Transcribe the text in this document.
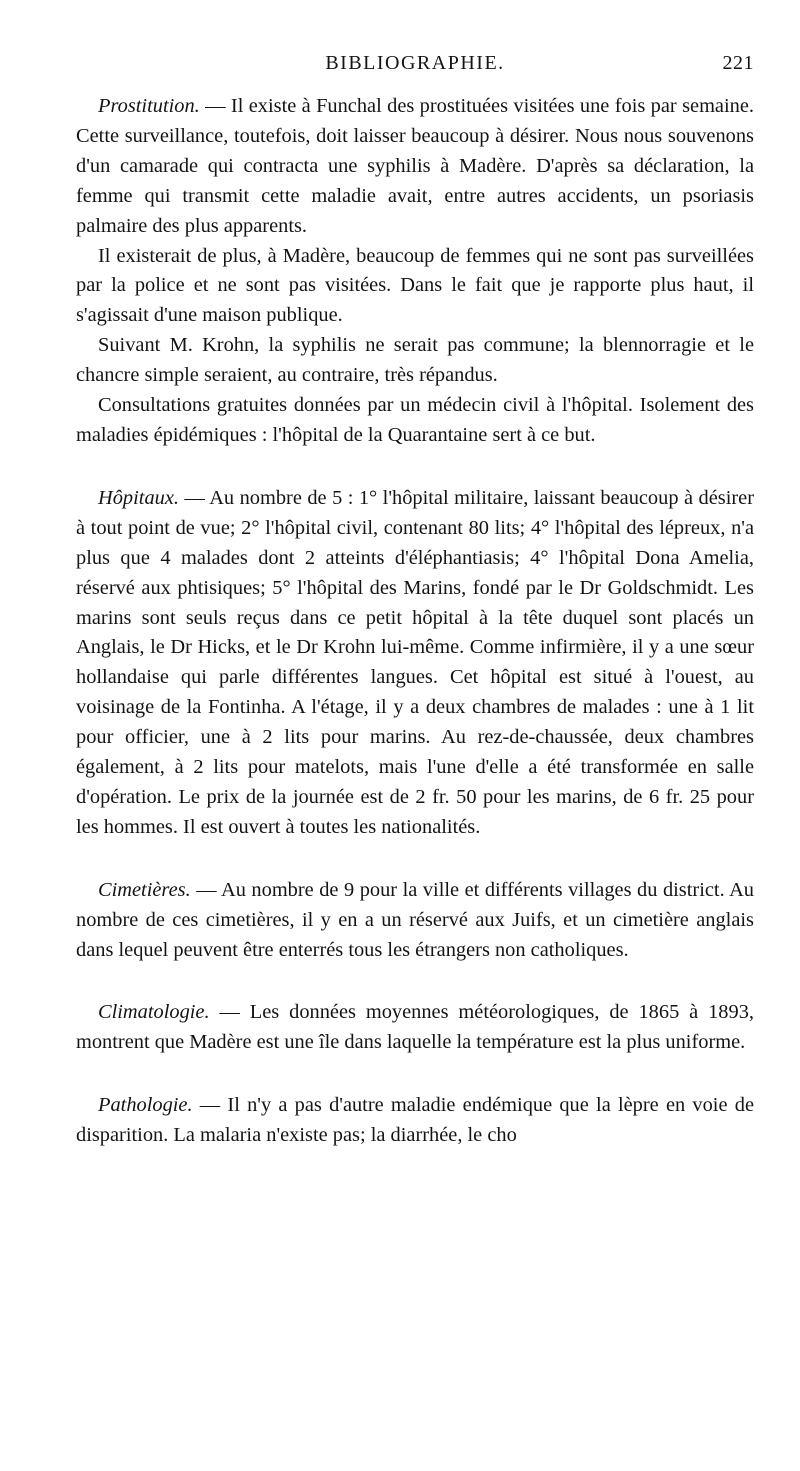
BIBLIOGRAPHIE.	221

Prostitution. — Il existe à Funchal des prostituées visitées une fois par semaine. Cette surveillance, toutefois, doit laisser beaucoup à désirer. Nous nous souvenons d'un camarade qui contracta une syphilis à Madère. D'après sa déclaration, la femme qui transmit cette maladie avait, entre autres accidents, un psoriasis palmaire des plus apparents.

Il existerait de plus, à Madère, beaucoup de femmes qui ne sont pas surveillées par la police et ne sont pas visitées. Dans le fait que je rapporte plus haut, il s'agissait d'une maison publique.

Suivant M. Krohn, la syphilis ne serait pas commune; la blennorragie et le chancre simple seraient, au contraire, très répandus.

Consultations gratuites données par un médecin civil à l'hôpital. Isolement des maladies épidémiques : l'hôpital de la Quarantaine sert à ce but.

Hôpitaux. — Au nombre de 5 : 1° l'hôpital militaire, laissant beaucoup à désirer à tout point de vue; 2° l'hôpital civil, contenant 80 lits; 4° l'hôpital des lépreux, n'a plus que 4 malades dont 2 atteints d'éléphantiasis; 4° l'hôpital Dona Amelia, réservé aux phtisiques; 5° l'hôpital des Marins, fondé par le Dr Goldschmidt. Les marins sont seuls reçus dans ce petit hôpital à la tête duquel sont placés un Anglais, le Dr Hicks, et le Dr Krohn lui-même. Comme infirmière, il y a une sœur hollandaise qui parle différentes langues. Cet hôpital est situé à l'ouest, au voisinage de la Fontinha. A l'étage, il y a deux chambres de malades : une à 1 lit pour officier, une à 2 lits pour marins. Au rez-de-chaussée, deux chambres également, à 2 lits pour matelots, mais l'une d'elle a été transformée en salle d'opération. Le prix de la journée est de 2 fr. 50 pour les marins, de 6 fr. 25 pour les hommes. Il est ouvert à toutes les nationalités.

Cimetières. — Au nombre de 9 pour la ville et différents villages du district. Au nombre de ces cimetières, il y en a un réservé aux Juifs, et un cimetière anglais dans lequel peuvent être enterrés tous les étrangers non catholiques.

Climatologie. — Les données moyennes météorologiques, de 1865 à 1893, montrent que Madère est une île dans laquelle la température est la plus uniforme.

Pathologie. — Il n'y a pas d'autre maladie endémique que la lèpre en voie de disparition. La malaria n'existe pas; la diarrhée, le cho
